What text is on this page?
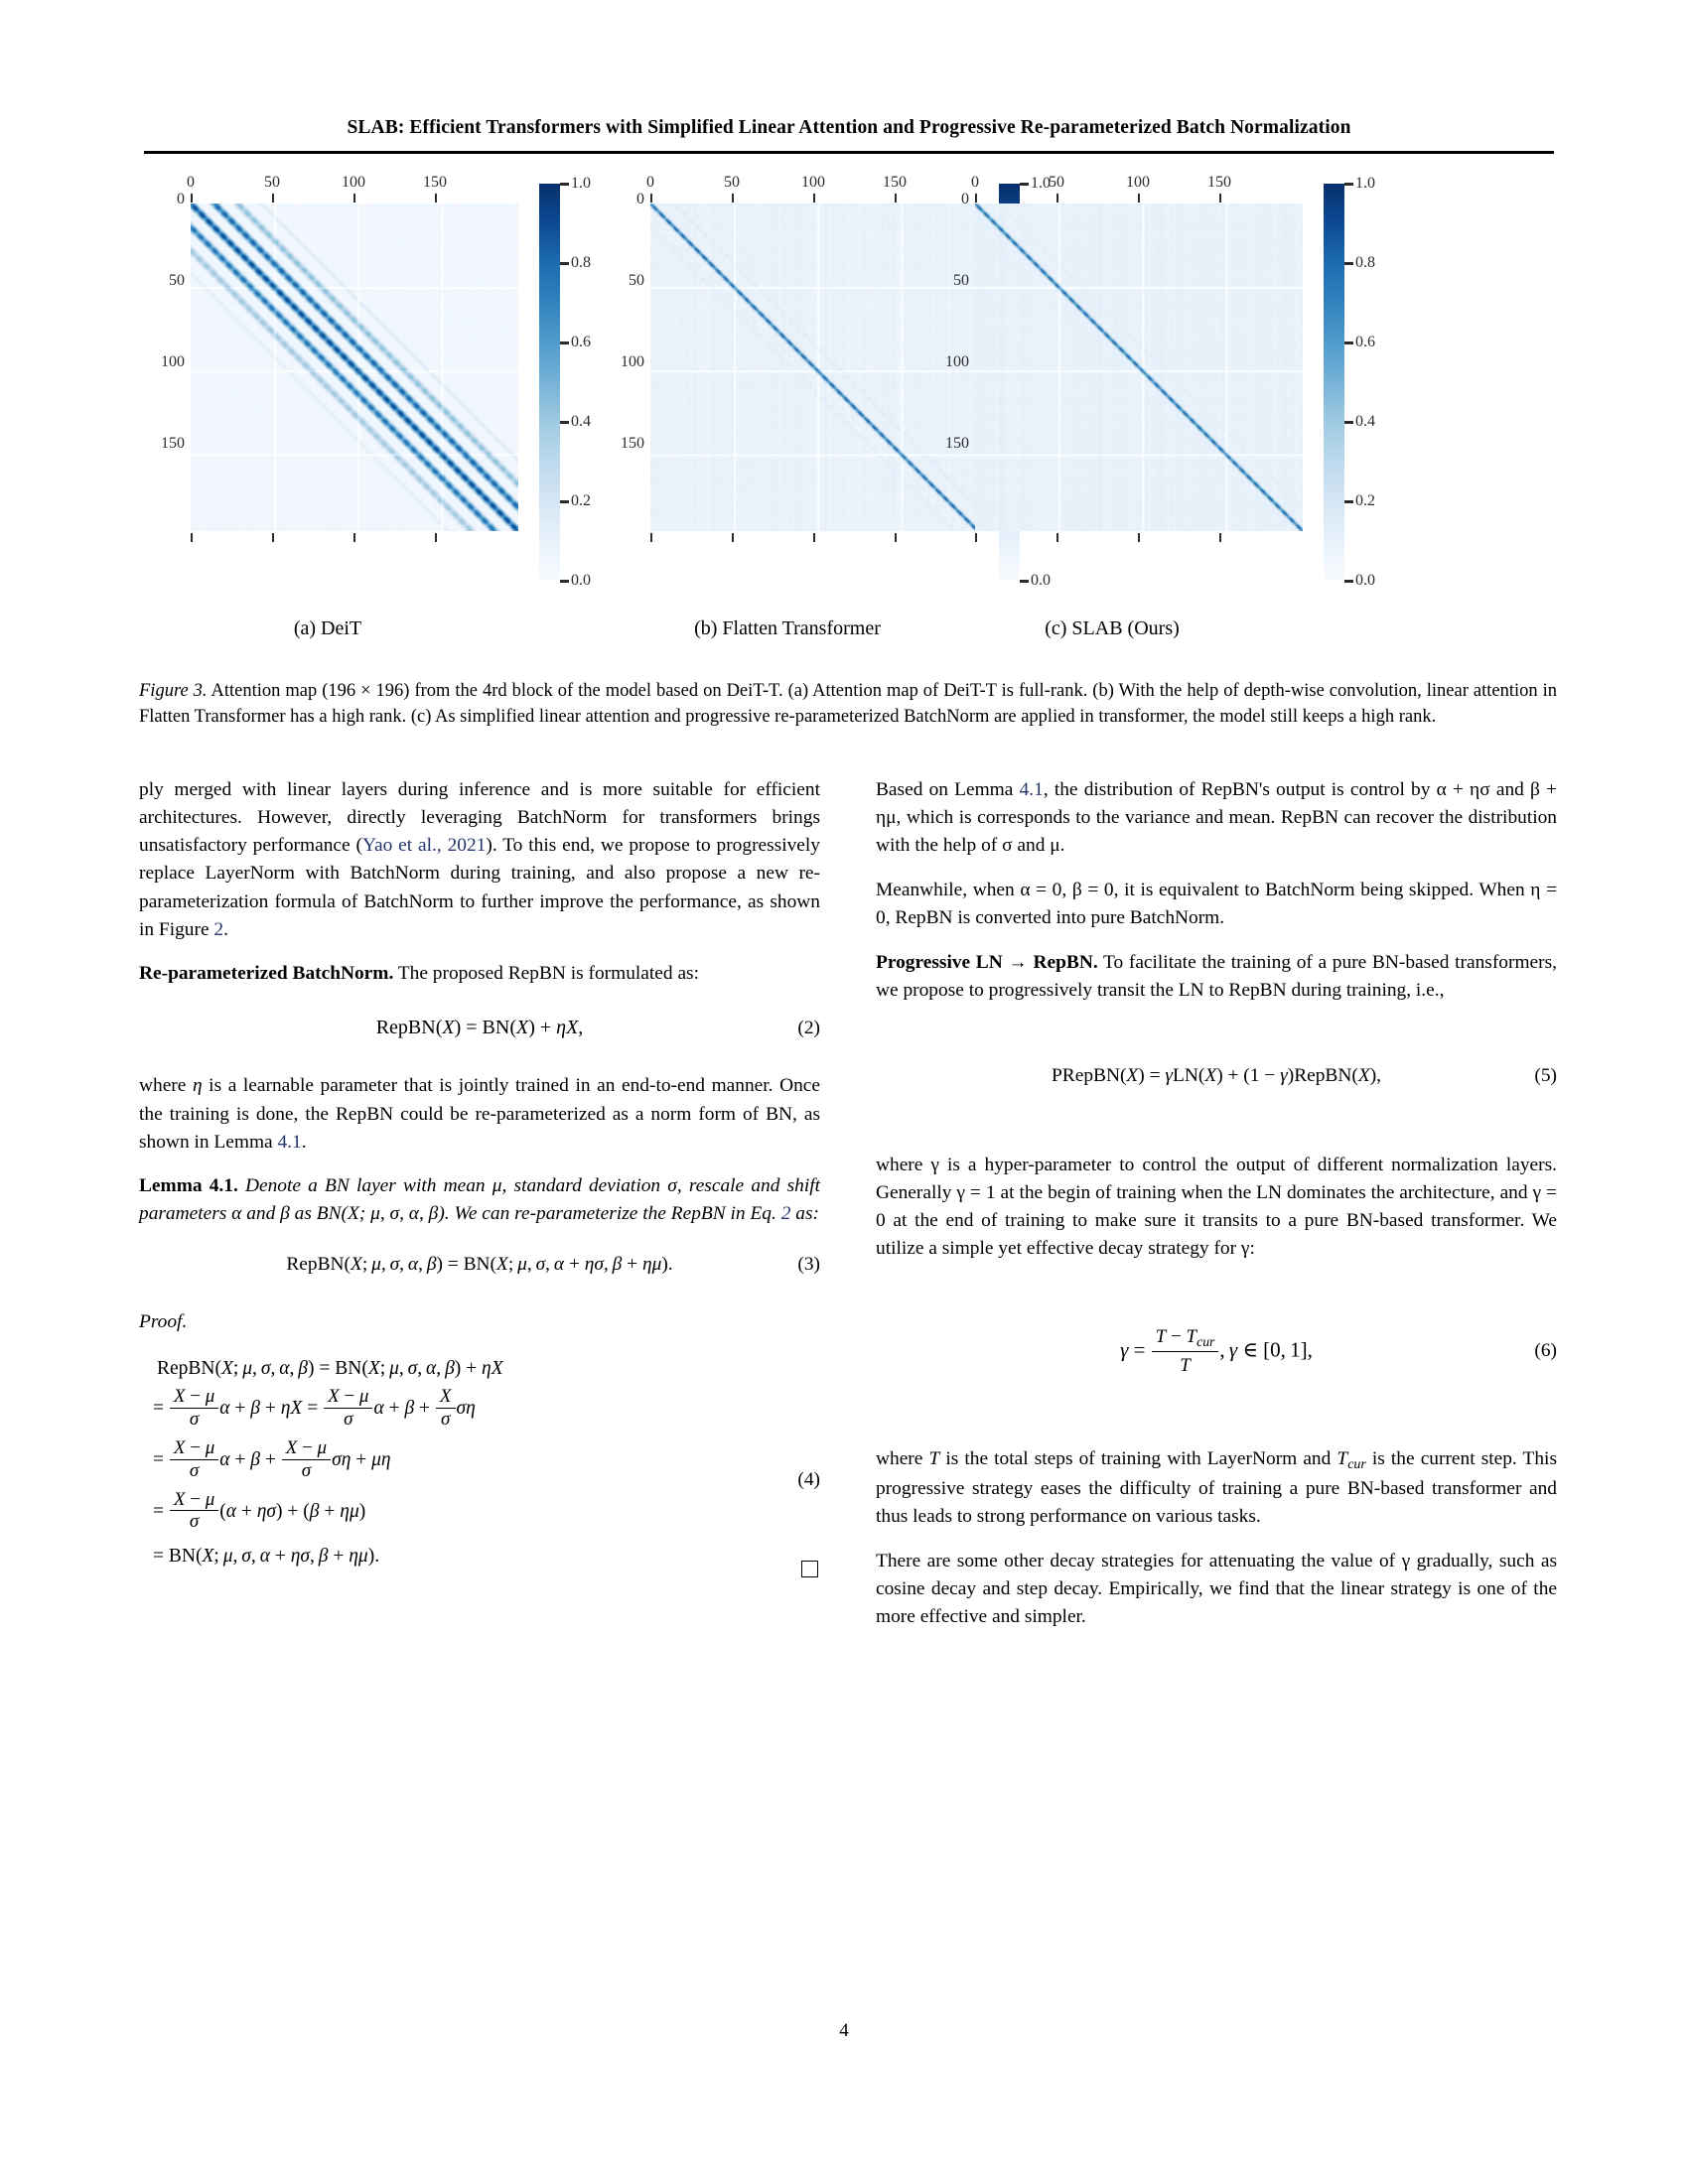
SLAB: Efficient Transformers with Simplified Linear Attention and Progressive Re-parameterized Batch Normalization
0	50	100	150
0
50
100
150
1.0
0.8
0.6
0.4
0.2
0.0
(a) DeiT
0	50	100	150
0
50
100
150
1.0
0.0
(b) Flatten Transformer
0	50	100	150
0
50
100
150
1.0
0.8
0.6
0.4
0.2
0.0
(c) SLAB (Ours)
Figure 3. Attention map (196 × 196) from the 4rd block of the model based on DeiT-T. (a) Attention map of DeiT-T is full-rank. (b) With the help of depth-wise convolution, linear attention in Flatten Transformer has a high rank. (c) As simplified linear attention and progressive re-parameterized BatchNorm are applied in transformer, the model still keeps a high rank.

ply merged with linear layers during inference and is more suitable for efficient architectures. However, directly leveraging BatchNorm for transformers brings unsatisfactory performance (Yao et al., 2021). To this end, we propose to progressively replace LayerNorm with BatchNorm during training, and also propose a new re-parameterization formula of BatchNorm to further improve the performance, as shown in Figure 2.

Re-parameterized BatchNorm. The proposed RepBN is formulated as:

RepBN(X) = BN(X) + ηX,	(2)

where η is a learnable parameter that is jointly trained in an end-to-end manner. Once the training is done, the RepBN could be re-parameterized as a norm form of BN, as shown in Lemma 4.1.

Lemma 4.1. Denote a BN layer with mean μ, standard deviation σ, rescale and shift parameters α and β as BN(X; μ, σ, α, β). We can re-parameterize the RepBN in Eq. 2 as:

RepBN(X; μ, σ, α, β) = BN(X; μ, σ, α + ησ, β + ημ).	(3)

Proof.

RepBN(X; μ, σ, α, β) = BN(X; μ, σ, α, β) + ηX
= $\frac{X - \mu}{\sigma}$ $\alpha + \beta + \eta X = \frac{X - \mu}{\sigma}$ $\alpha + \beta + \frac{X}{\sigma}$ ση
= $\frac{X - \mu}{\sigma}$ $\alpha + \beta + \frac{X - \mu}{\sigma}$ ση + μη
(4)
= $\frac{X - \mu}{\sigma} (\alpha + \eta\sigma) + (\beta + \eta\mu)$
= BN(X; μ, σ, α + ησ, β + ημ).

Based on Lemma 4.1, the distribution of RepBN's output is control by α + ησ and β + ημ, which is corresponds to the variance and mean. RepBN can recover the distribution with the help of σ and μ.

Meanwhile, when α = 0, β = 0, it is equivalent to BatchNorm being skipped. When η = 0, RepBN is converted into pure BatchNorm.

Progressive LN → RepBN. To facilitate the training of a pure BN-based transformers, we propose to progressively transit the LN to RepBN during training, i.e.,

PRepBN(X) = γLN(X) + (1 − γ)RepBN(X),	(5)

where γ is a hyper-parameter to control the output of different normalization layers. Generally γ = 1 at the begin of training when the LN dominates the architecture, and γ = 0 at the end of training to make sure it transits to a pure BN-based transformer. We utilize a simple yet effective decay strategy for γ:

$\gamma = \frac{T - T_{cur}}{T}$ , γ ∈ [0, 1],	(6)

where T is the total steps of training with LayerNorm and $T_{cur}$ is the current step. This progressive strategy eases the difficulty of training a pure BN-based transformer and thus leads to strong performance on various tasks.

There are some other decay strategies for attenuating the value of γ gradually, such as cosine decay and step decay. Empirically, we find that the linear strategy is one of the more effective and simpler.

4
